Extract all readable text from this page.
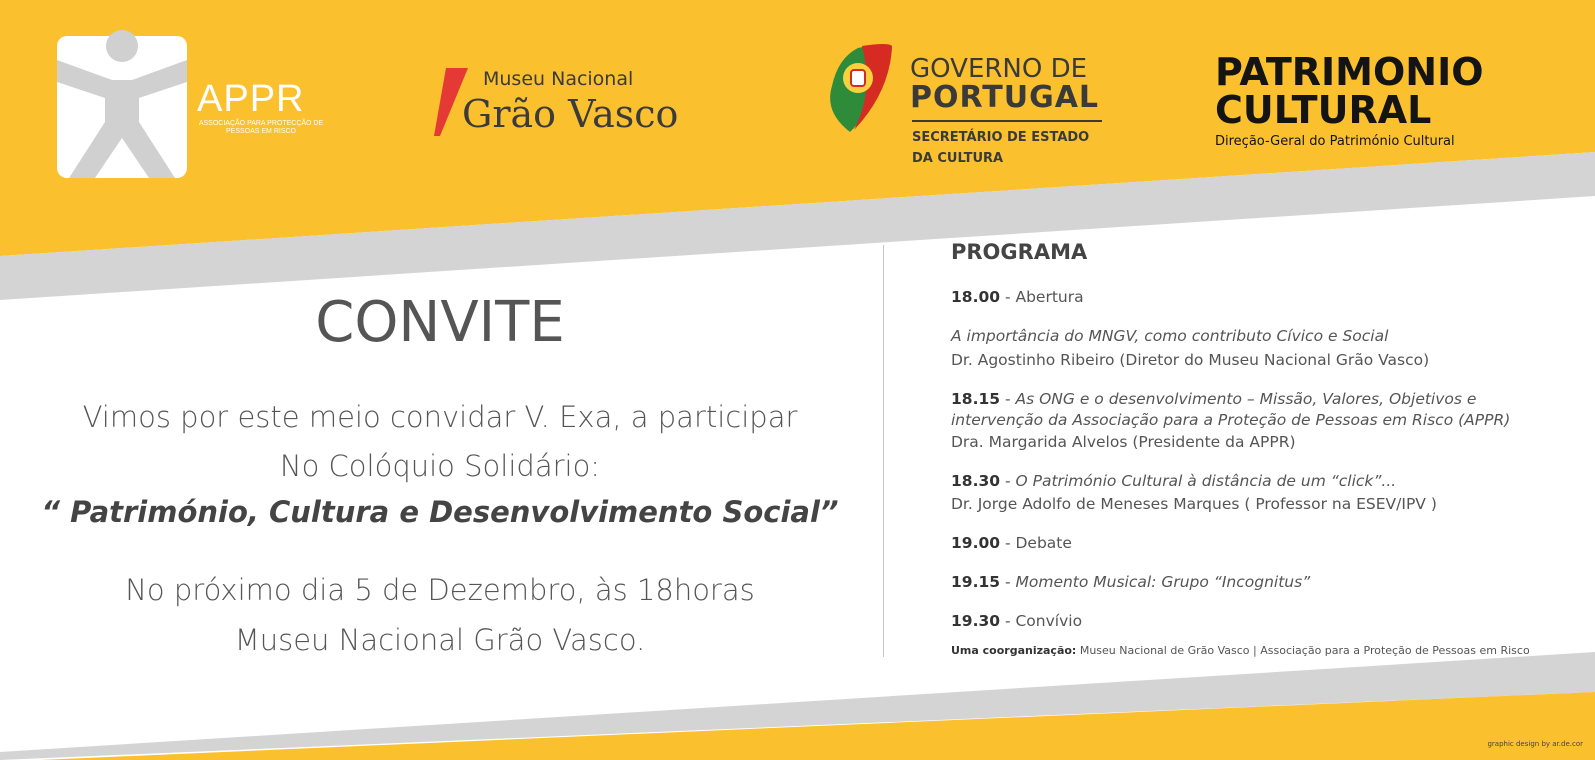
APPR
ASSOCIAÇÃO PARA PROTECÇÃO DE PESSOAS EM RISCO
Museu Nacional
Grão Vasco
GOVERNO DE
PORTUGAL
SECRETÁRIO DE ESTADO
DA CULTURA
PATRIMONIO
CULTURAL
Direção-Geral do Património Cultural
CONVITE
Vimos por este meio convidar V. Exa, a participar
No Colóquio Solidário:
“ Património, Cultura e Desenvolvimento Social”
No próximo dia 5 de Dezembro, às 18horas
Museu Nacional Grão Vasco.
PROGRAMA
18.00 - Abertura
A importância do MNGV, como contributo Cívico e Social
Dr. Agostinho Ribeiro (Diretor do Museu Nacional Grão Vasco)
18.15 - As ONG e o desenvolvimento – Missão, Valores, Objetivos e
intervenção da Associação para a Proteção de Pessoas em Risco (APPR)
Dra. Margarida Alvelos (Presidente da APPR)
18.30 - O Património Cultural à distância de um “click”...
Dr. Jorge Adolfo de Meneses Marques ( Professor na ESEV/IPV )
19.00 - Debate
19.15 - Momento Musical: Grupo “Incognitus”
19.30 - Convívio
Uma coorganização: Museu Nacional de Grão Vasco | Associação para a Proteção de Pessoas em Risco
graphic design by ar.de.cor
